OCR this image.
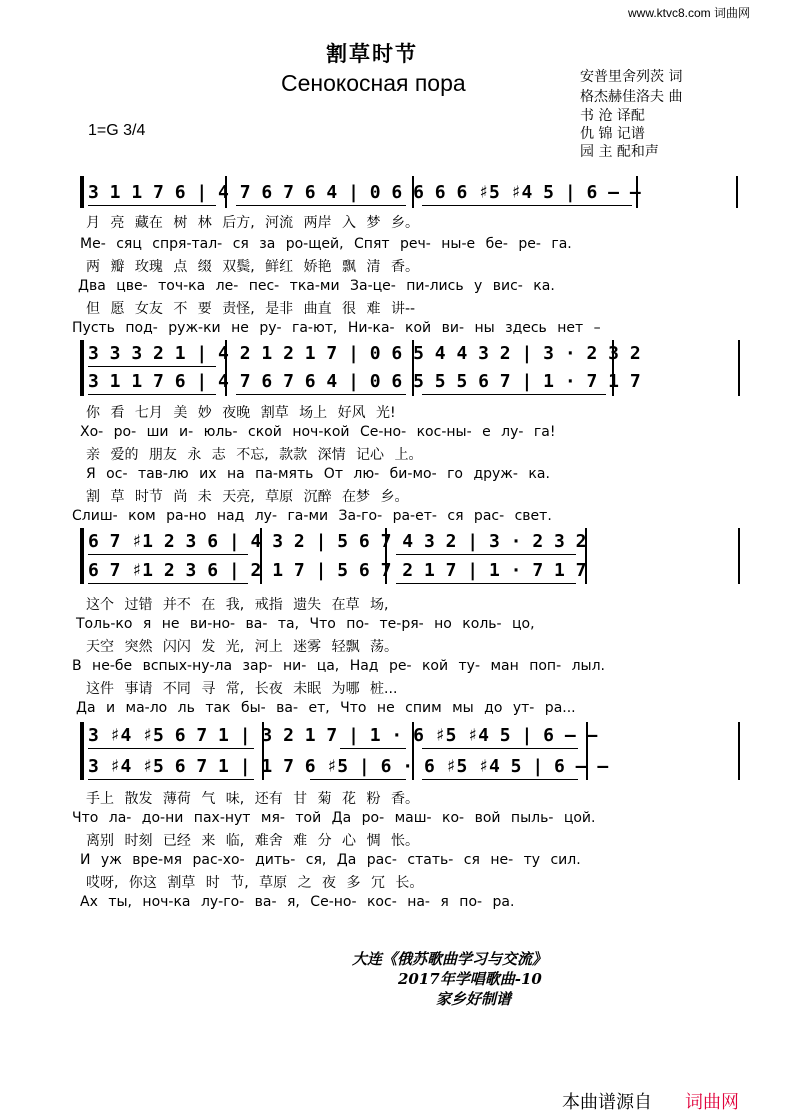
www.ktvc8.com 词曲网
割草时节
Сенокосная пора	安普里舍列茨 词
格杰赫佳洛夫 曲
书 沧 译配
仇 锦 记谱
园 主 配和声
1=G 3/4
3 1 1 7 6 | 4 7 6 7 6 4 | 0 6 6 6 6 ♯5 ♯4 5 | 6 – –
月 亮 藏在 树 林 后方, 河流 两岸 入 梦 乡。
Ме- сяц спря-тал- ся за ро-щей, Спят реч- ны-е бе- ре- га.
两 瓣 玫瑰 点 缀 双鬓, 鲜红 娇艳 飘 清 香。
Два цве- точ-ка ле- пес- тка-ми За-це- пи-лись у вис- ка.
但 愿 女友 不 要 责怪, 是非 曲直 很 难 讲--
Пусть под- руж-ки не ру- га-ют, Ни-ка- кой ви- ны здесь нет –
3 3 3 2 1 | 4 2 1 2 1 7 | 0 6 5 4 4 3 2 | 3 · 2 3 2
3 1 1 7 6 | 4 7 6 7 6 4 | 0 6 5 5 5 6 7 | 1 · 7 1 7
你 看 七月 美 妙 夜晚 割草 场上 好风 光!
Хо- ро- ши и- юль- ской ноч-кой Се-но- кос-ны- е лу- га!
亲 爱的 朋友 永 志 不忘, 款款 深情 记心 上。
Я ос- тав-лю их на па-мять От лю- би-мо- го друж- ка.
割 草 时节 尚 未 天亮, 草原 沉醉 在梦 乡。
Слиш- ком ра-но над лу- га-ми За-го- ра-ет- ся рас- свет.
6 7 ♯1 2 3 6 | 4 3 2 | 5 6 7 4 3 2 | 3 · 2 3 2
6 7 ♯1 2 3 6 | 2 1 7 | 5 6 7 2 1 7 | 1 · 7 1 7
这个 过错 并不 在 我, 戒指 遗失 在草 场,
Толь-ко я не ви-но- ва- та, Что по- те-ря- но коль- цо,
天空 突然 闪闪 发 光, 河上 迷雾 轻飘 荡。
В не-бе вспых-ну-ла зар- ни- ца, Над ре- кой ту- ман поп- лыл.
这件 事请 不同 寻 常, 长夜 未眠 为哪 桩...
Да и ма-ло ль так бы- ва- ет, Что не спим мы до ут- ра...
3 ♯4 ♯5 6 7 1 | 3 2 1 7 | 1 · 6 ♯5 ♯4 5 | 6 – –
3 ♯4 ♯5 6 7 1 | 1 7 6 ♯5 | 6 · 6 ♯5 ♯4 5 | 6 – –
手上 散发 薄荷 气 味, 还有 甘 菊 花 粉 香。
Что ла- до-ни пах-нут мя- той Да ро- маш- ко- вой пыль- цой.
离别 时刻 已经 来 临, 难舍 难 分 心 惆 怅。
И уж вре-мя рас-хо- дить- ся, Да рас- стать- ся не- ту сил.
哎呀, 你这 割草 时 节, 草原 之 夜 多 冗 长。
Ах ты, ноч-ка лу-го- ва- я, Се-но- кос- на- я по- ра.
大连《俄苏歌曲学习与交流》
2017年学唱歌曲-10
家乡好制谱
本曲谱源自 词曲网
